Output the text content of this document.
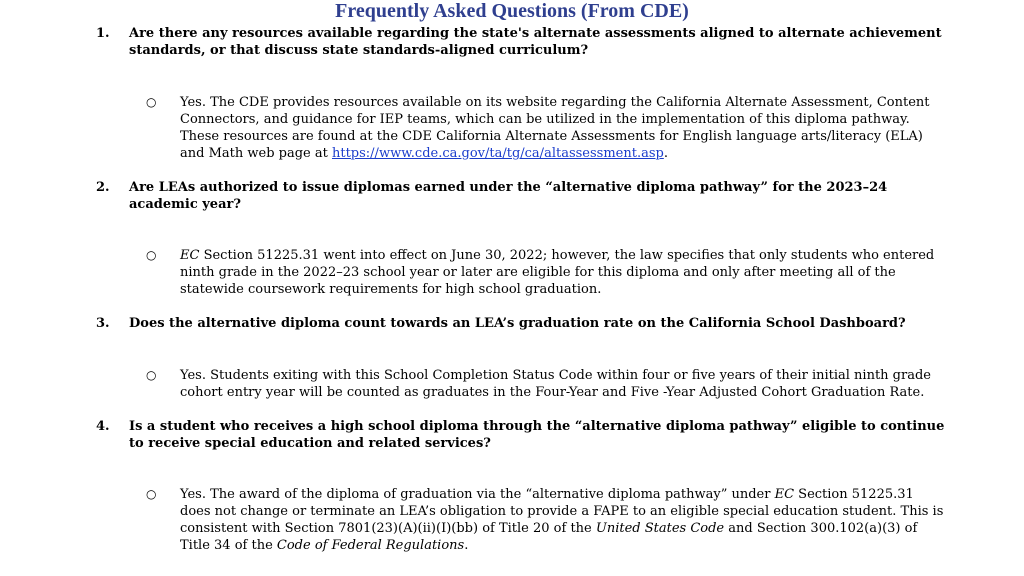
Frequently Asked Questions (From CDE)
1. Are there any resources available regarding the state's alternate assessments aligned to alternate achievement standards, or that discuss state standards-aligned curriculum?
○ Yes. The CDE provides resources available on its website regarding the California Alternate Assessment, Content Connectors, and guidance for IEP teams, which can be utilized in the implementation of this diploma pathway. These resources are found at the CDE California Alternate Assessments for English language arts/literacy (ELA) and Math web page at https://www.cde.ca.gov/ta/tg/ca/altassessment.asp.
2. Are LEAs authorized to issue diplomas earned under the “alternative diploma pathway” for the 2023–24 academic year?
○ EC Section 51225.31 went into effect on June 30, 2022; however, the law specifies that only students who entered ninth grade in the 2022–23 school year or later are eligible for this diploma and only after meeting all of the statewide coursework requirements for high school graduation.
3. Does the alternative diploma count towards an LEA’s graduation rate on the California School Dashboard?
○ Yes. Students exiting with this School Completion Status Code within four or five years of their initial ninth grade cohort entry year will be counted as graduates in the Four-Year and Five -Year Adjusted Cohort Graduation Rate.
4. Is a student who receives a high school diploma through the “alternative diploma pathway” eligible to continue to receive special education and related services?
○ Yes. The award of the diploma of graduation via the “alternative diploma pathway” under EC Section 51225.31 does not change or terminate an LEA’s obligation to provide a FAPE to an eligible special education student. This is consistent with Section 7801(23)(A)(ii)(I)(bb) of Title 20 of the United States Code and Section 300.102(a)(3) of Title 34 of the Code of Federal Regulations.
